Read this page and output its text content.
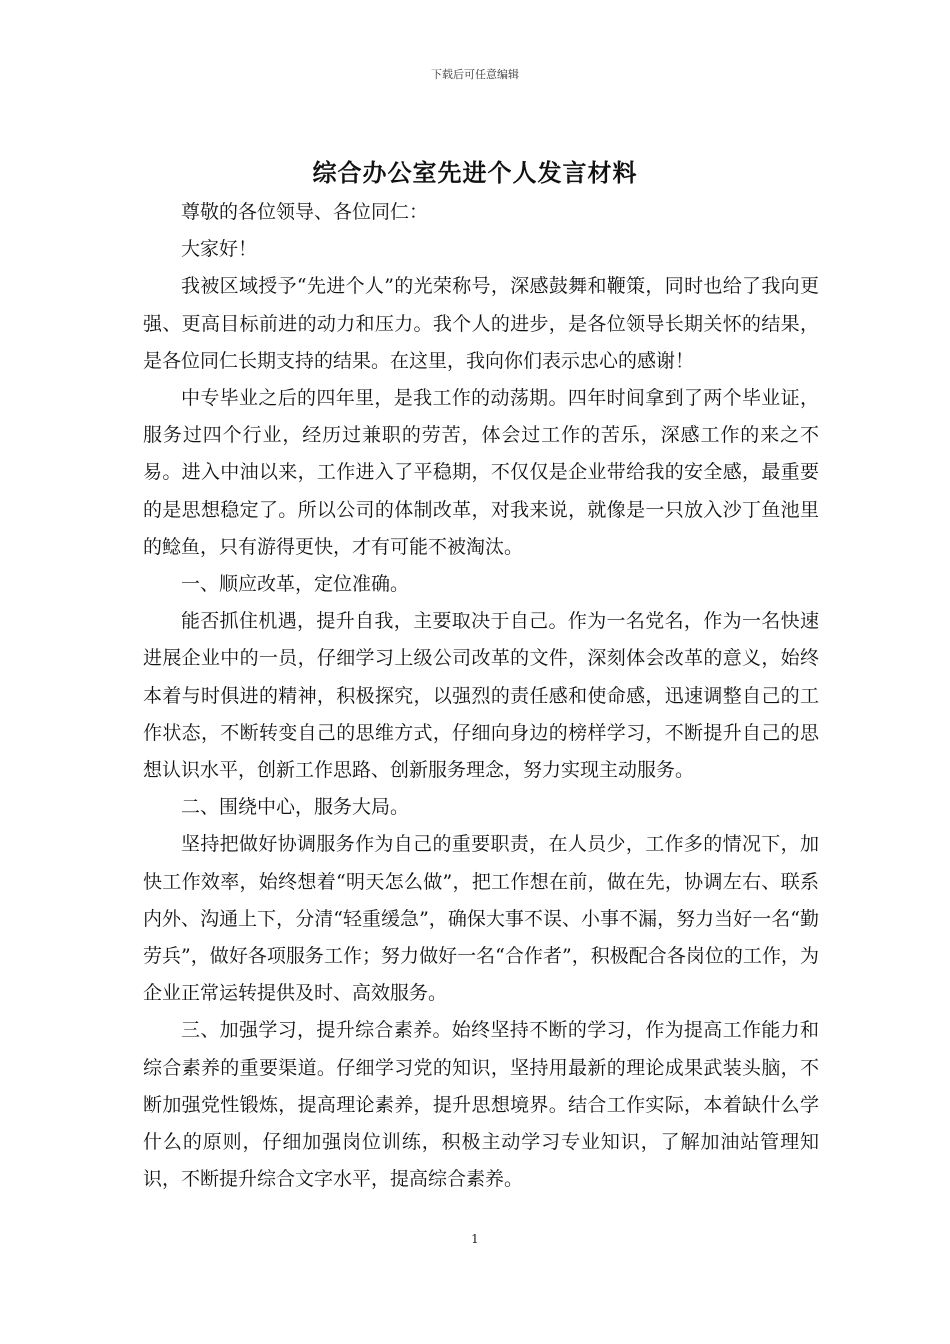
下载后可任意编辑
综合办公室先进个人发言材料

尊敬的各位领导、各位同仁：

大家好！

我被区域授予“先进个人”的光荣称号，深感鼓舞和鞭策，同时也给了我向更强、更高目标前进的动力和压力。我个人的进步，是各位领导长期关怀的结果，是各位同仁长期支持的结果。在这里，我向你们表示忠心的感谢！

中专毕业之后的四年里，是我工作的动荡期。四年时间拿到了两个毕业证，服务过四个行业，经历过兼职的劳苦，体会过工作的苦乐，深感工作的来之不易。进入中油以来，工作进入了平稳期，不仅仅是企业带给我的安全感，最重要的是思想稳定了。所以公司的体制改革，对我来说，就像是一只放入沙丁鱼池里的鲶鱼，只有游得更快，才有可能不被淘汰。

一、顺应改革，定位准确。

能否抓住机遇，提升自我，主要取决于自己。作为一名党名，作为一名快速进展企业中的一员，仔细学习上级公司改革的文件，深刻体会改革的意义，始终本着与时俱进的精神，积极探究，以强烈的责任感和使命感，迅速调整自己的工作状态，不断转变自己的思维方式，仔细向身边的榜样学习，不断提升自己的思想认识水平，创新工作思路、创新服务理念，努力实现主动服务。

二、围绕中心，服务大局。

坚持把做好协调服务作为自己的重要职责，在人员少，工作多的情况下，加快工作效率，始终想着“明天怎么做”，把工作想在前，做在先，协调左右、联系内外、沟通上下，分清“轻重缓急”，确保大事不误、小事不漏，努力当好一名“勤劳兵”，做好各项服务工作；努力做好一名“合作者”，积极配合各岗位的工作，为企业正常运转提供及时、高效服务。

三、加强学习，提升综合素养。始终坚持不断的学习，作为提高工作能力和综合素养的重要渠道。仔细学习党的知识，坚持用最新的理论成果武装头脑，不断加强党性锻炼，提高理论素养，提升思想境界。结合工作实际，本着缺什么学什么的原则，仔细加强岗位训练，积极主动学习专业知识，了解加油站管理知识，不断提升综合文字水平，提高综合素养。

1
